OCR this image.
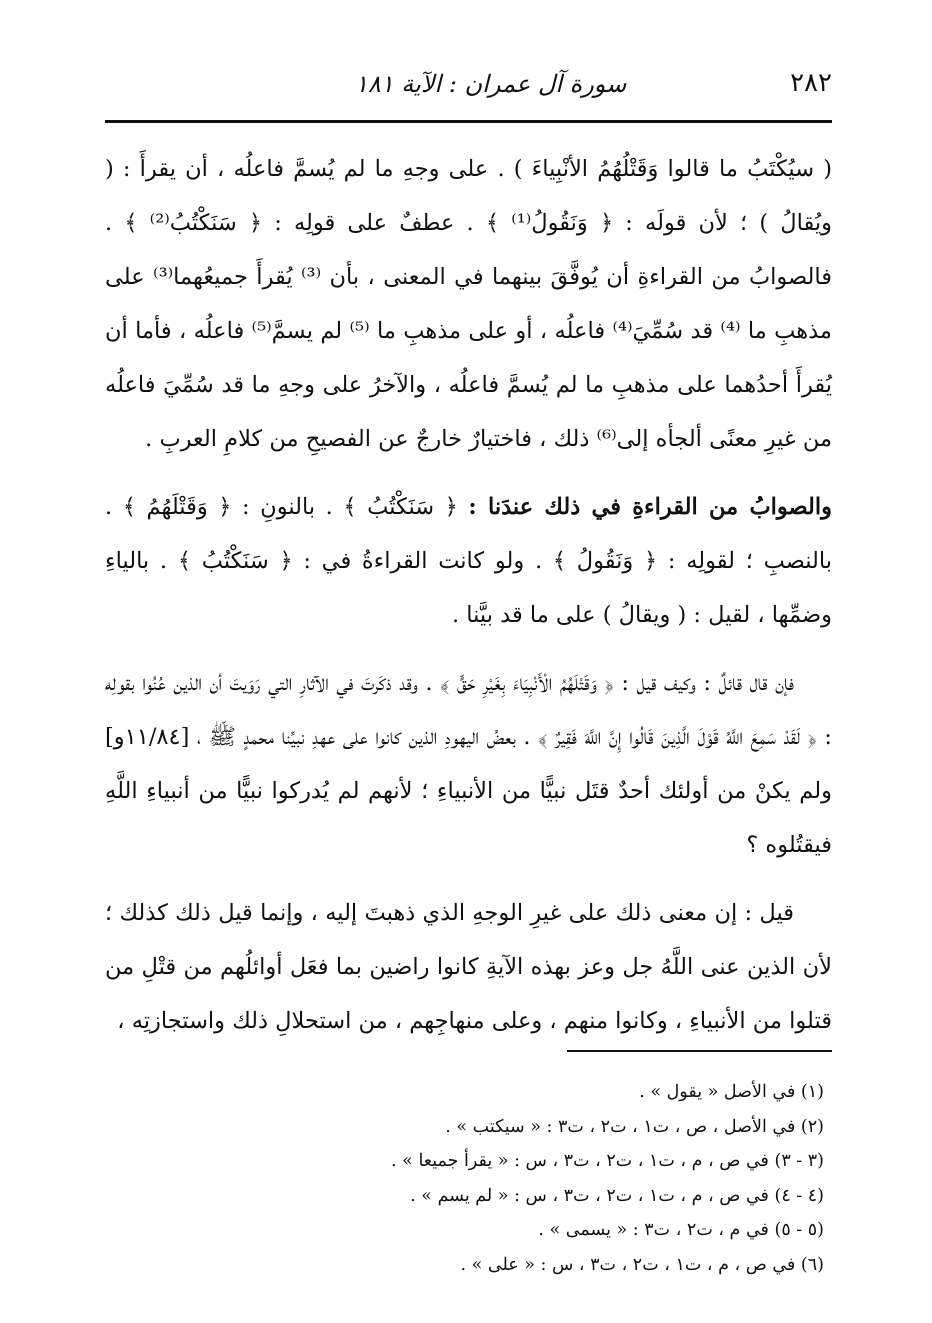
٢٨٢
سورة آل عمران : الآية ١٨١

( سيُكْتَبُ ما قالوا وَقَتْلُهُمُ الأنْبِياءَ ) . على وجهِ ما لم يُسمَّ فاعلُه ، أن يقرأَ : ( ويُقالُ ) ؛ لأن قولَه : ﴿ وَنَقُولُ⁽¹⁾ ﴾ . عطفٌ على قولِه : ﴿ سَنَكْتُبُ⁽²⁾ ﴾ . فالصوابُ من القراءةِ أن يُوفَّقَ بينهما في المعنى ، بأن ⁽³⁾ يُقرأَ جميعُهما⁽³⁾ على مذهبِ ما ⁽⁴⁾ قد سُمِّيَ⁽⁴⁾ فاعلُه ، أو على مذهبِ ما ⁽⁵⁾ لم يسمَّ⁽⁵⁾ فاعلُه ، فأما أن يُقرأَ أحدُهما على مذهبِ ما لم يُسمَّ فاعلُه ، والآخرُ على وجهِ ما قد سُمِّيَ فاعلُه من غيرِ معنًى ألجأه إلى⁽⁶⁾ ذلك ، فاختيارٌ خارجٌ عن الفصيحِ من كلامِ العربِ .

والصوابُ من القراءةِ في ذلك عندَنا : ﴿ سَنَكْتُبُ ﴾ . بالنونِ : ﴿ وَقَتْلَهُمُ ﴾ . بالنصبِ ؛ لقولِه : ﴿ وَنَقُولُ ﴾ . ولو كانت القراءةُ في : ﴿ سَنَكْتُبُ ﴾ . بالياءِ وضمِّها ، لقيل : ( ويقالُ ) على ما قد بيَّنا .

فإن قال قائلٌ : وكيف قيل : ﴿ وَقَتْلَهُمُ الْأَنْبِيَاءَ بِغَيْرِ حَقٍّ ﴾ . وقد ذكَرتَ في الآثارِ التي رَوَيتَ أن الذين عُنُوا بقولِه : ﴿ لَقَدْ سَمِعَ اللَّهُ قَوْلَ الَّذِينَ قَالُوا إِنَّ اللَّهَ فَقِيرٌ ﴾ . بعضُ اليهودِ الذين كانوا على عهدِ نبيِّنا محمدٍ ﷺ ، [١١/٨٤و] ولم يكنْ من أولئك أحدٌ قتَل نبيًّا من الأنبياءِ ؛ لأنهم لم يُدركوا نبيًّا من أنبياءِ اللَّهِ فيقتُلوه ؟

قيل : إن معنى ذلك على غيرِ الوجهِ الذي ذهبتَ إليه ، وإنما قيل ذلك كذلك ؛ لأن الذين عنى اللَّهُ جل وعز بهذه الآيةِ كانوا راضين بما فعَل أوائلُهم من قتْلِ من قتلوا من الأنبياءِ ، وكانوا منهم ، وعلى منهاجِهم ، من استحلالِ ذلك واستجازتِه ،

(١) في الأصل « يقول » .

(٢) في الأصل ، ص ، ت١ ، ت٢ ، ت٣ : « سيكتب » .

(٣ - ٣) في ص ، م ، ت١ ، ت٢ ، ت٣ ، س : « يقرأ جميعا » .

(٤ - ٤) في ص ، م ، ت١ ، ت٢ ، ت٣ ، س : « لم يسم » .

(٥ - ٥) في م ، ت٢ ، ت٣ : « يسمى » .

(٦) في ص ، م ، ت١ ، ت٢ ، ت٣ ، س : « على » .
